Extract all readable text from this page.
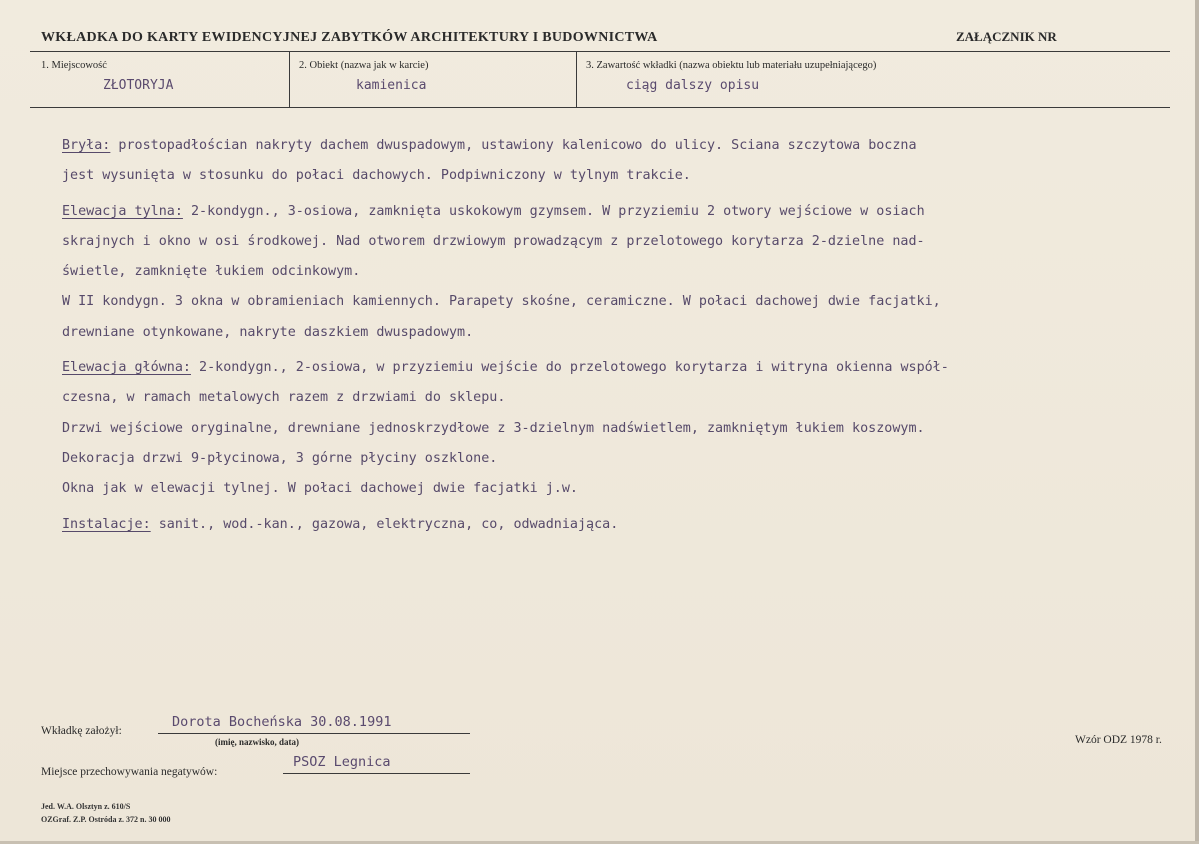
WKŁADKA DO KARTY EWIDENCYJNEJ ZABYTKÓW ARCHITEKTURY I BUDOWNICTWA	ZAŁĄCZNIK NR
1. Miejscowość
ZŁOTORYJA
2. Obiekt (nazwa jak w karcie)
kamienica
3. Zawartość wkładki (nazwa obiektu lub materiału uzupełniającego)
ciąg dalszy opisu
Bryła: prostopadłościan nakryty dachem dwuspadowym, ustawiony kalenicowo do ulicy. Sciana szczytowa boczna
jest wysunięta w stosunku do połaci dachowych. Podpiwniczony w tylnym trakcie.
Elewacja tylna: 2-kondygn., 3-osiowa, zamknięta uskokowym gzymsem. W przyziemiu 2 otwory wejściowe w osiach
skrajnych i okno w osi środkowej. Nad otworem drzwiowym prowadzącym z przelotowego korytarza 2-dzielne nad-
świetle, zamknięte łukiem odcinkowym.
W II kondygn. 3 okna w obramieniach kamiennych. Parapety skośne, ceramiczne. W połaci dachowej dwie facjatki,
drewniane otynkowane, nakryte daszkiem dwuspadowym.
Elewacja główna: 2-kondygn., 2-osiowa, w przyziemiu wejście do przelotowego korytarza i witryna okienna współ-
czesna, w ramach metalowych razem z drzwiami do sklepu.
Drzwi wejściowe oryginalne, drewniane jednoskrzydłowe z 3-dzielnym nadświetlem, zamkniętym łukiem koszowym.
Dekoracja drzwi 9-płycinowa, 3 górne płyciny oszklone.
Okna jak w elewacji tylnej. W połaci dachowej dwie facjatki j.w.
Instalacje: sanit., wod.-kan., gazowa, elektryczna, co, odwadniająca.
Wkładkę założył:
Dorota Bocheńska 30.08.1991
(imię, nazwisko, data)
Miejsce przechowywania negatywów:
PSOZ Legnica
Wzór ODZ 1978 r.
Jed. W.A. Olsztyn z. 610/S
OZGraf. Z.P. Ostróda z. 372 n. 30 000
